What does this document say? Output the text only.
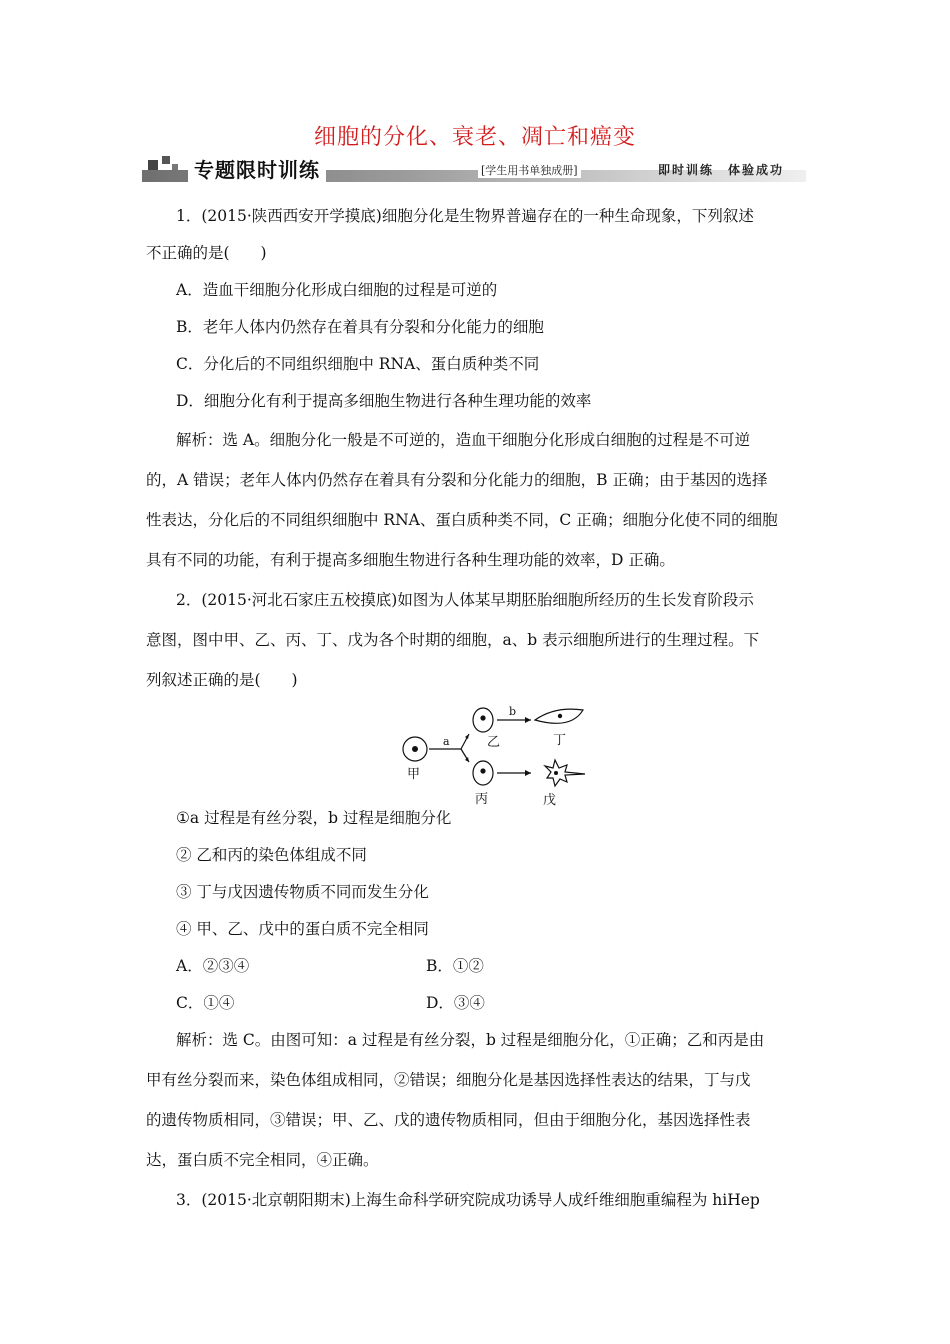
细胞的分化、衰老、凋亡和癌变
专题限时训练	[学生用书单独成册]	即时训练　体验成功
1．(2015·陕西西安开学摸底)细胞分化是生物界普遍存在的一种生命现象，下列叙述
不正确的是(　　)
A．造血干细胞分化形成白细胞的过程是可逆的
B．老年人体内仍然存在着具有分裂和分化能力的细胞
C．分化后的不同组织细胞中 RNA、蛋白质种类不同
D．细胞分化有利于提高多细胞生物进行各种生理功能的效率
解析：选 A。细胞分化一般是不可逆的，造血干细胞分化形成白细胞的过程是不可逆
的，A 错误；老年人体内仍然存在着具有分裂和分化能力的细胞，B 正确；由于基因的选择
性表达，分化后的不同组织细胞中 RNA、蛋白质种类不同，C 正确；细胞分化使不同的细胞
具有不同的功能，有利于提高多细胞生物进行各种生理功能的效率，D 正确。
2．(2015·河北石家庄五校摸底)如图为人体某早期胚胎细胞所经历的生长发育阶段示
意图，图中甲、乙、丙、丁、戊为各个时期的细胞，a、b 表示细胞所进行的生理过程。下
列叙述正确的是(　　)
甲
乙
丙
丁
戊
a
b
①a 过程是有丝分裂，b 过程是细胞分化
② 乙和丙的染色体组成不同
③ 丁与戊因遗传物质不同而发生分化
④ 甲、乙、戊中的蛋白质不完全相同
A．②③④	B．①②
C．①④	D．③④
解析：选 C。由图可知：a 过程是有丝分裂，b 过程是细胞分化，①正确；乙和丙是由
甲有丝分裂而来，染色体组成相同，②错误；细胞分化是基因选择性表达的结果，丁与戊
的遗传物质相同，③错误；甲、乙、戊的遗传物质相同，但由于细胞分化，基因选择性表
达，蛋白质不完全相同，④正确。
3．(2015·北京朝阳期末)上海生命科学研究院成功诱导人成纤维细胞重编程为 hiHep
